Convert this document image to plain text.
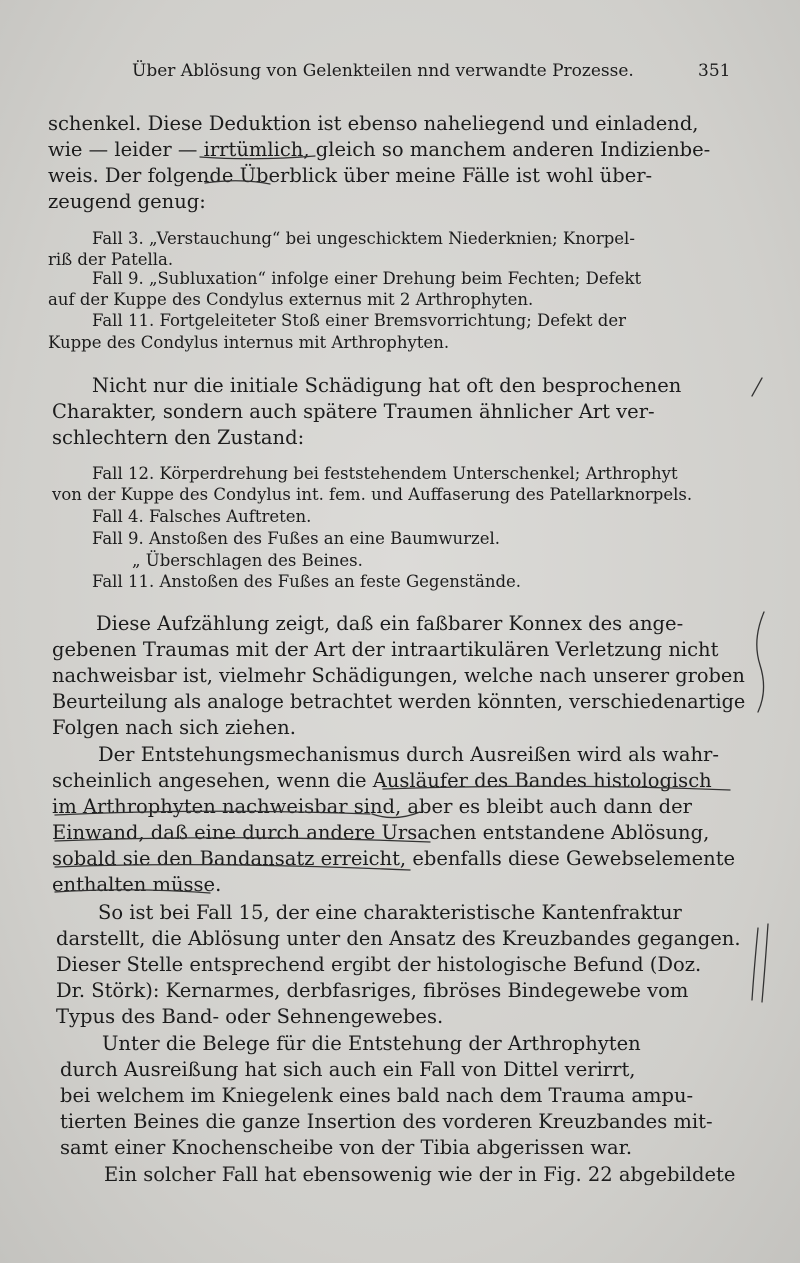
Über Ablösung von Gelenkteilen nnd verwandte Prozesse.	351
schenkel. Diese Deduktion ist ebenso naheliegend und einladend,
wie — leider — irrtümlich, gleich so manchem anderen Indizienbe-
weis. Der folgende Überblick über meine Fälle ist wohl über-
zeugend genug:
Fall 3. „Verstauchung“ bei ungeschicktem Niederknien; Knorpel-
riß der Patella.
Fall 9. „Subluxation“ infolge einer Drehung beim Fechten; Defekt
auf der Kuppe des Condylus externus mit 2 Arthrophyten.
Fall 11. Fortgeleiteter Stoß einer Bremsvorrichtung; Defekt der
Kuppe des Condylus internus mit Arthrophyten.
Nicht nur die initiale Schädigung hat oft den besprochenen
Charakter, sondern auch spätere Traumen ähnlicher Art ver-
schlechtern den Zustand:
Fall 12. Körperdrehung bei feststehendem Unterschenkel; Arthrophyt
von der Kuppe des Condylus int. fem. und Auffaserung des Patellarknorpels.
Fall 4. Falsches Auftreten.
Fall 9. Anstoßen des Fußes an eine Baumwurzel.
„ Überschlagen des Beines.
Fall 11. Anstoßen des Fußes an feste Gegenstände.
Diese Aufzählung zeigt, daß ein faßbarer Konnex des ange-
gebenen Traumas mit der Art der intraartikulären Verletzung nicht
nachweisbar ist, vielmehr Schädigungen, welche nach unserer groben
Beurteilung als analoge betrachtet werden könnten, verschiedenartige
Folgen nach sich ziehen.
Der Entstehungsmechanismus durch Ausreißen wird als wahr-
scheinlich angesehen, wenn die Ausläufer des Bandes histologisch
im Arthrophyten nachweisbar sind, aber es bleibt auch dann der
Einwand, daß eine durch andere Ursachen entstandene Ablösung,
sobald sie den Bandansatz erreicht, ebenfalls diese Gewebselemente
enthalten müsse.
So ist bei Fall 15, der eine charakteristische Kantenfraktur
darstellt, die Ablösung unter den Ansatz des Kreuzbandes gegangen.
Dieser Stelle entsprechend ergibt der histologische Befund (Doz.
Dr. Störk): Kernarmes, derbfasriges, fibröses Bindegewebe vom
Typus des Band- oder Sehnengewebes.
Unter die Belege für die Entstehung der Arthrophyten
durch Ausreißung hat sich auch ein Fall von Dittel verirrt,
bei welchem im Kniegelenk eines bald nach dem Trauma ampu-
tierten Beines die ganze Insertion des vorderen Kreuzbandes mit-
samt einer Knochenscheibe von der Tibia abgerissen war.
Ein solcher Fall hat ebensowenig wie der in Fig. 22 abgebildete
